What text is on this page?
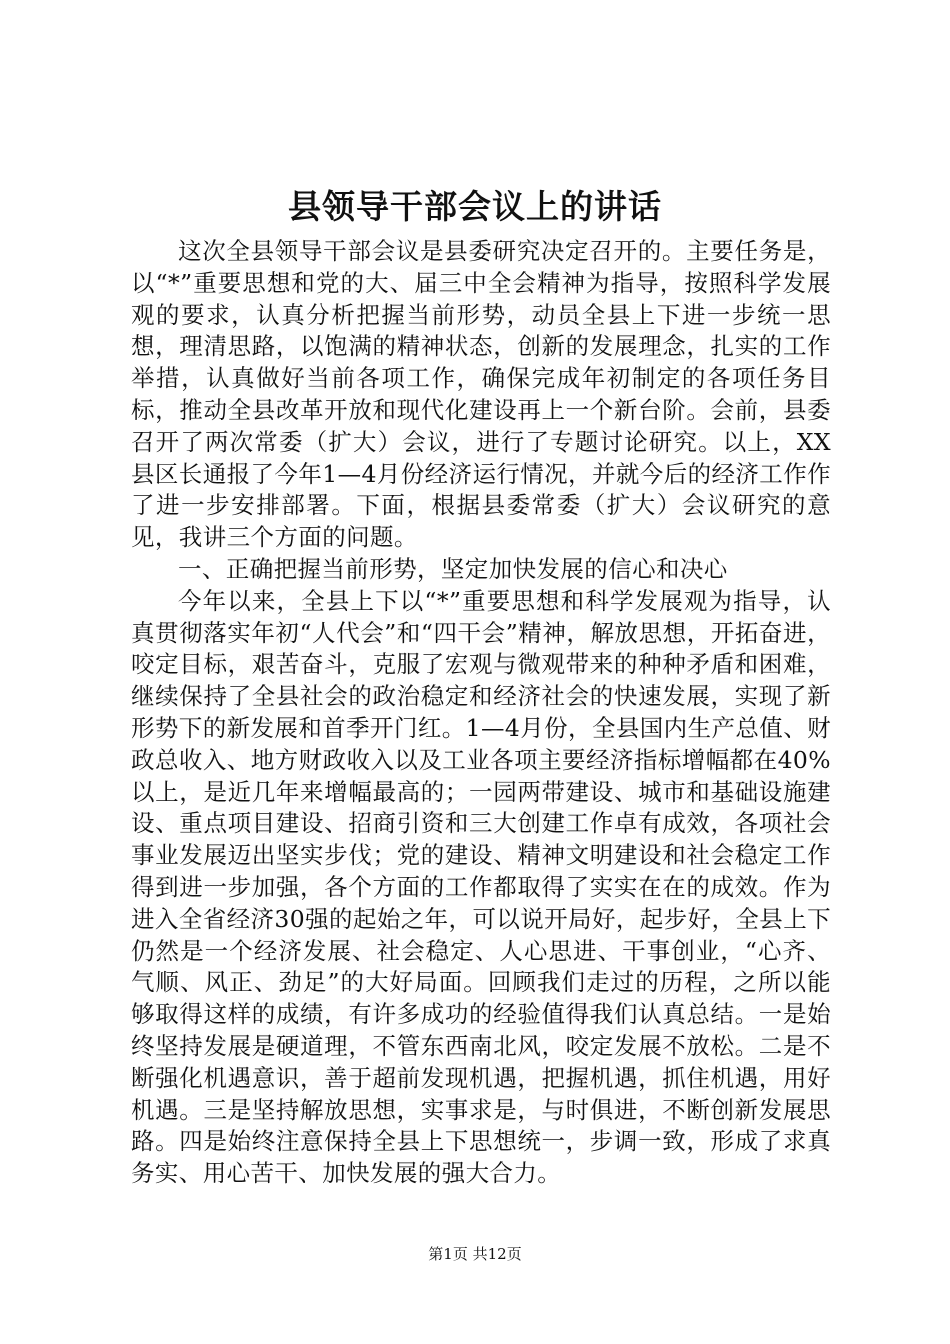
县领导干部会议上的讲话

这次全县领导干部会议是县委研究决定召开的。主要任务是，以“*”重要思想和党的大、届三中全会精神为指导，按照科学发展观的要求，认真分析把握当前形势，动员全县上下进一步统一思想，理清思路，以饱满的精神状态，创新的发展理念，扎实的工作举措，认真做好当前各项工作，确保完成年初制定的各项任务目标，推动全县改革开放和现代化建设再上一个新台阶。会前，县委召开了两次常委（扩大）会议，进行了专题讨论研究。以上，XX县区长通报了今年1—4月份经济运行情况，并就今后的经济工作作了进一步安排部署。下面，根据县委常委（扩大）会议研究的意见，我讲三个方面的问题。

一、正确把握当前形势，坚定加快发展的信心和决心

今年以来，全县上下以“*”重要思想和科学发展观为指导，认真贯彻落实年初“人代会”和“四干会”精神，解放思想，开拓奋进，咬定目标，艰苦奋斗，克服了宏观与微观带来的种种矛盾和困难，继续保持了全县社会的政治稳定和经济社会的快速发展，实现了新形势下的新发展和首季开门红。1—4月份，全县国内生产总值、财政总收入、地方财政收入以及工业各项主要经济指标增幅都在40%以上，是近几年来增幅最高的；一园两带建设、城市和基础设施建设、重点项目建设、招商引资和三大创建工作卓有成效，各项社会事业发展迈出坚实步伐；党的建设、精神文明建设和社会稳定工作得到进一步加强，各个方面的工作都取得了实实在在的成效。作为进入全省经济30强的起始之年，可以说开局好，起步好，全县上下仍然是一个经济发展、社会稳定、人心思进、干事创业，“心齐、气顺、风正、劲足”的大好局面。回顾我们走过的历程，之所以能够取得这样的成绩，有许多成功的经验值得我们认真总结。一是始终坚持发展是硬道理，不管东西南北风，咬定发展不放松。二是不断强化机遇意识，善于超前发现机遇，把握机遇，抓住机遇，用好机遇。三是坚持解放思想，实事求是，与时俱进，不断创新发展思路。四是始终注意保持全县上下思想统一，步调一致，形成了求真务实、用心苦干、加快发展的强大合力。

第1页 共12页
